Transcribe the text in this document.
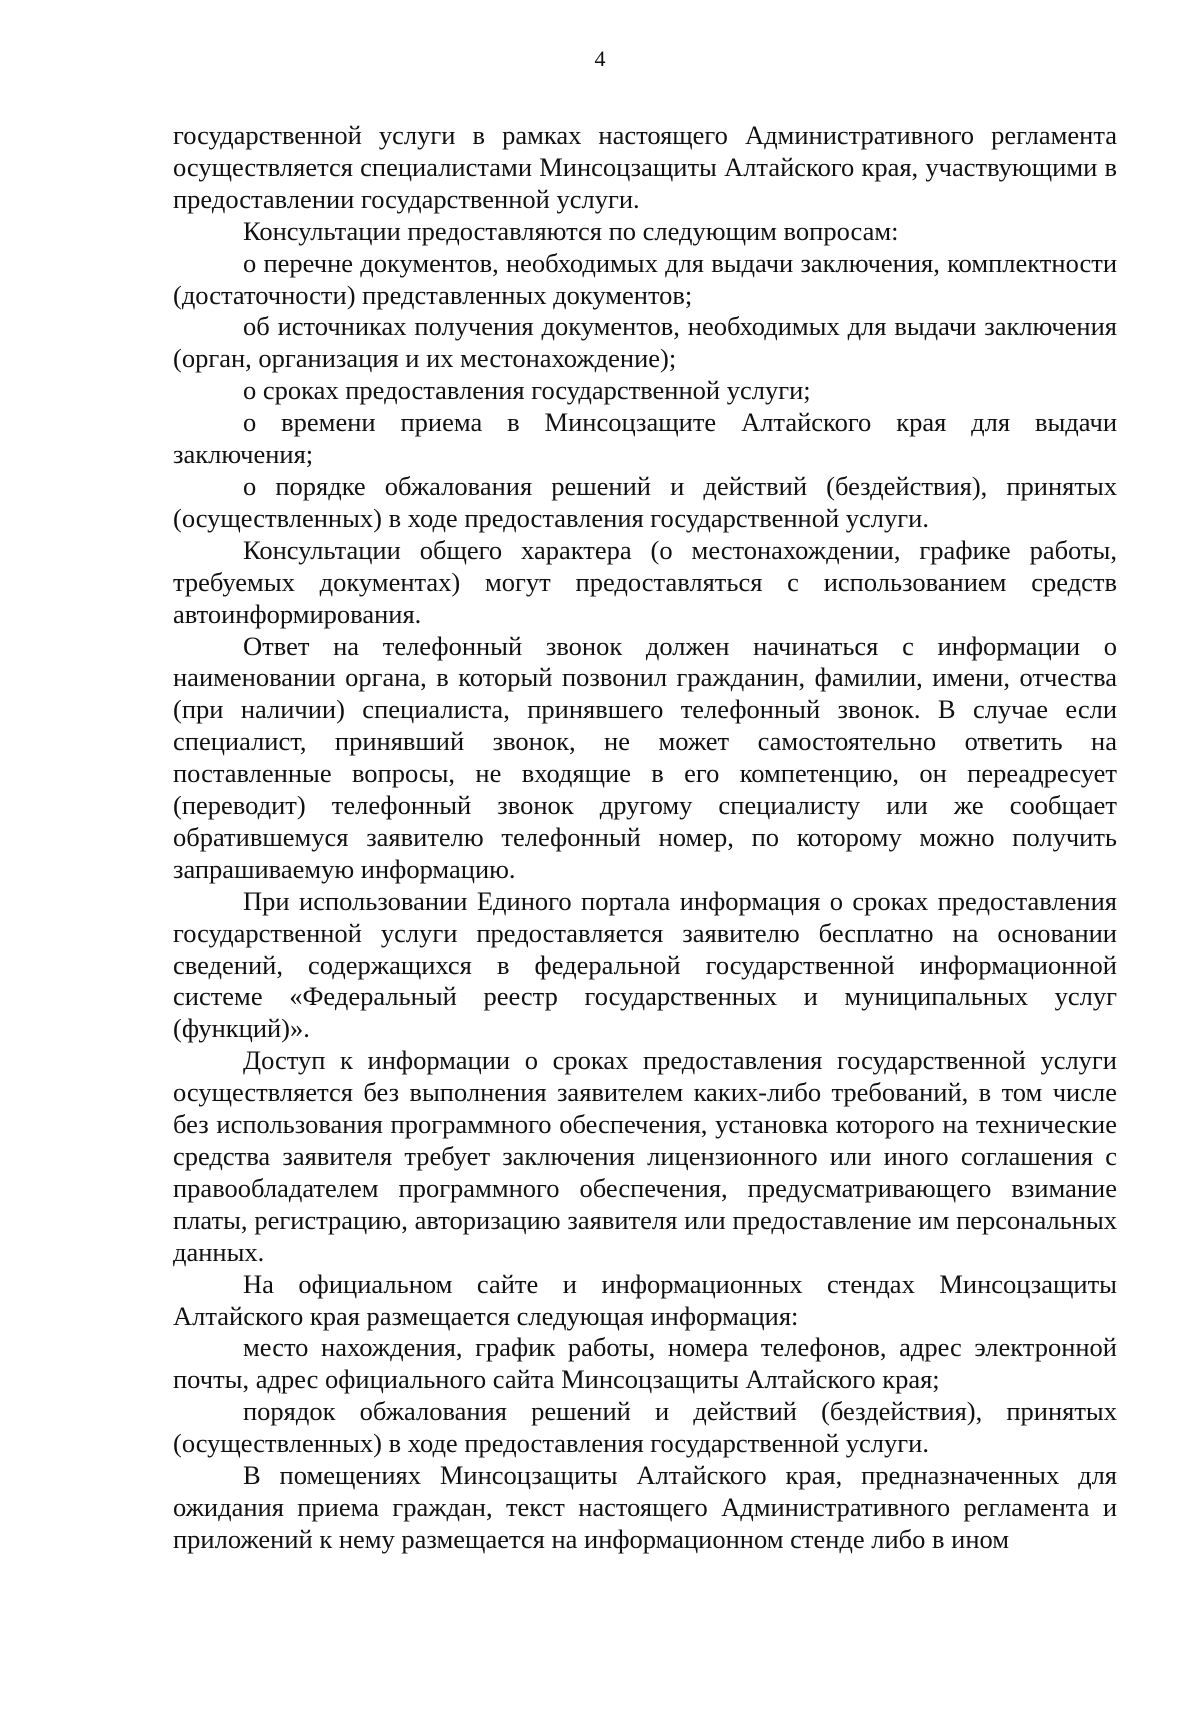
4

государственной услуги в рамках настоящего Административного регламента осуществляется специалистами Минсоцзащиты Алтайского края, участвующими в предоставлении государственной услуги.

Консультации предоставляются по следующим вопросам:

о перечне документов, необходимых для выдачи заключения, комплектности (достаточности) представленных документов;

об источниках получения документов, необходимых для выдачи заключения (орган, организация и их местонахождение);

о сроках предоставления государственной услуги;

о времени приема в Минсоцзащите Алтайского края для выдачи заключения;

о порядке обжалования решений и действий (бездействия), принятых (осуществленных) в ходе предоставления государственной услуги.

Консультации общего характера (о местонахождении, графике работы, требуемых документах) могут предоставляться с использованием средств автоинформирования.

Ответ на телефонный звонок должен начинаться с информации о наименовании органа, в который позвонил гражданин, фамилии, имени, отчества (при наличии) специалиста, принявшего телефонный звонок. В случае если специалист, принявший звонок, не может самостоятельно ответить на поставленные вопросы, не входящие в его компетенцию, он переадресует (переводит) телефонный звонок другому специалисту или же сообщает обратившемуся заявителю телефонный номер, по которому можно получить запрашиваемую информацию.

При использовании Единого портала информация о сроках предоставления государственной услуги предоставляется заявителю бесплатно на основании сведений, содержащихся в федеральной государственной информационной системе «Федеральный реестр государственных и муниципальных услуг (функций)».

Доступ к информации о сроках предоставления государственной услуги осуществляется без выполнения заявителем каких-либо требований, в том числе без использования программного обеспечения, установка которого на технические средства заявителя требует заключения лицензионного или иного соглашения с правообладателем программного обеспечения, предусматривающего взимание платы, регистрацию, авторизацию заявителя или предоставление им персональных данных.

На официальном сайте и информационных стендах Минсоцзащиты Алтайского края размещается следующая информация:

место нахождения, график работы, номера телефонов, адрес электронной почты, адрес официального сайта Минсоцзащиты Алтайского края;

порядок обжалования решений и действий (бездействия), принятых (осуществленных) в ходе предоставления государственной услуги.

В помещениях Минсоцзащиты Алтайского края, предназначенных для ожидания приема граждан, текст настоящего Административного регламента и приложений к нему размещается на информационном стенде либо в ином
